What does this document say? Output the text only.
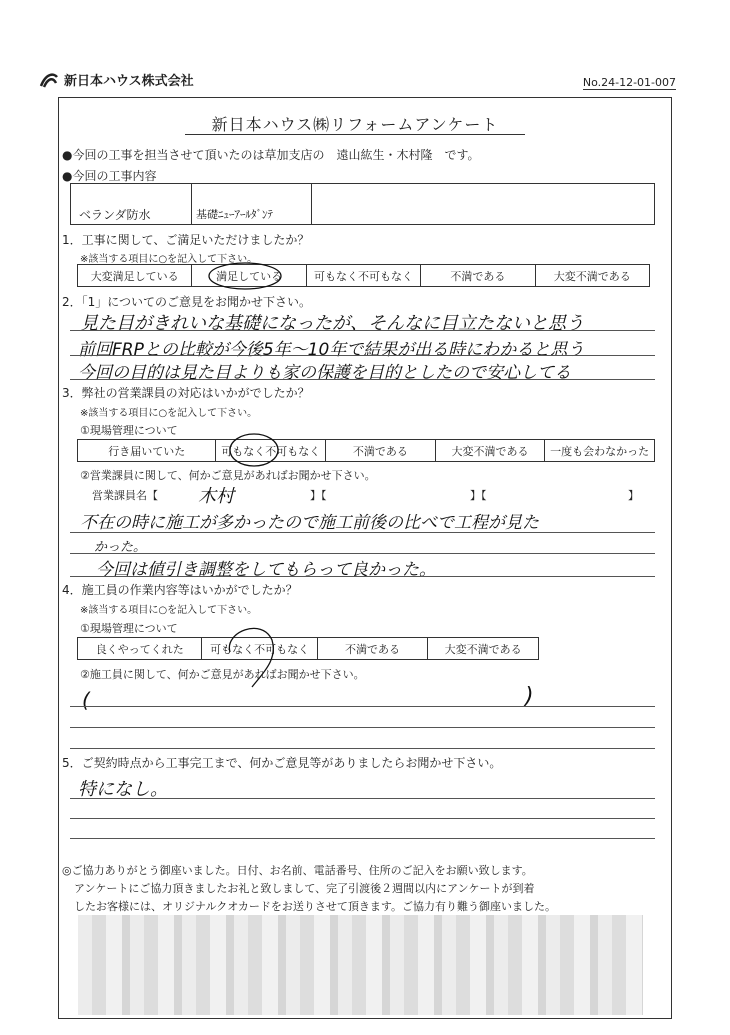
新日本ハウス株式会社	No.24-12-01-007
新日本ハウス㈱リフォームアンケート
●今回の工事を担当させて頂いたのは草加支店の　遠山紘生・木村隆　です。
●今回の工事内容
ベランダ防水	基礎ﾆｭｰｱｰﾙﾀﾞﾝﾃ
1．工事に関して、ご満足いただけましたか？
※該当する項目に○を記入して下さい。
大変満足している	満足している	可もなく不可もなく	不満である	大変不満である
2．「1」についてのご意見をお聞かせ下さい。
見た目がきれいな基礎になったが、そんなに目立たないと思う
前回FRPとの比較が今後5年～10年で結果が出る時にわかると思う
今回の目的は見た目よりも家の保護を目的としたので安心してる
3．弊社の営業課員の対応はいかがでしたか？
※該当する項目に○を記入して下さい。
①現場管理について
行き届いていた	可もなく不可もなく	不満である	大変不満である	一度も会わなかった
②営業課員に関して、何かご意見があればお聞かせ下さい。
営業課員名【 木村	】【	】【	】
不在の時に施工が多かったので施工前後の比べで工程が見た
かった。
今回は値引き調整をしてもらって良かった。
4．施工員の作業内容等はいかがでしたか？
※該当する項目に○を記入して下さい。
①現場管理について
良くやってくれた	可もなく不可もなく	不満である	大変不満である
②施工員に関して、何かご意見があればお聞かせ下さい。
(	)
5．ご契約時点から工事完工まで、何かご意見等がありましたらお聞かせ下さい。
特になし。
◎ご協力ありがとう御座いました。日付、お名前、電話番号、住所のご記入をお願い致します。
アンケートにご協力頂きましたお礼と致しまして、完了引渡後２週間以内にアンケートが到着
したお客様には、オリジナルクオカードをお送りさせて頂きます。ご協力有り難う御座いました。
